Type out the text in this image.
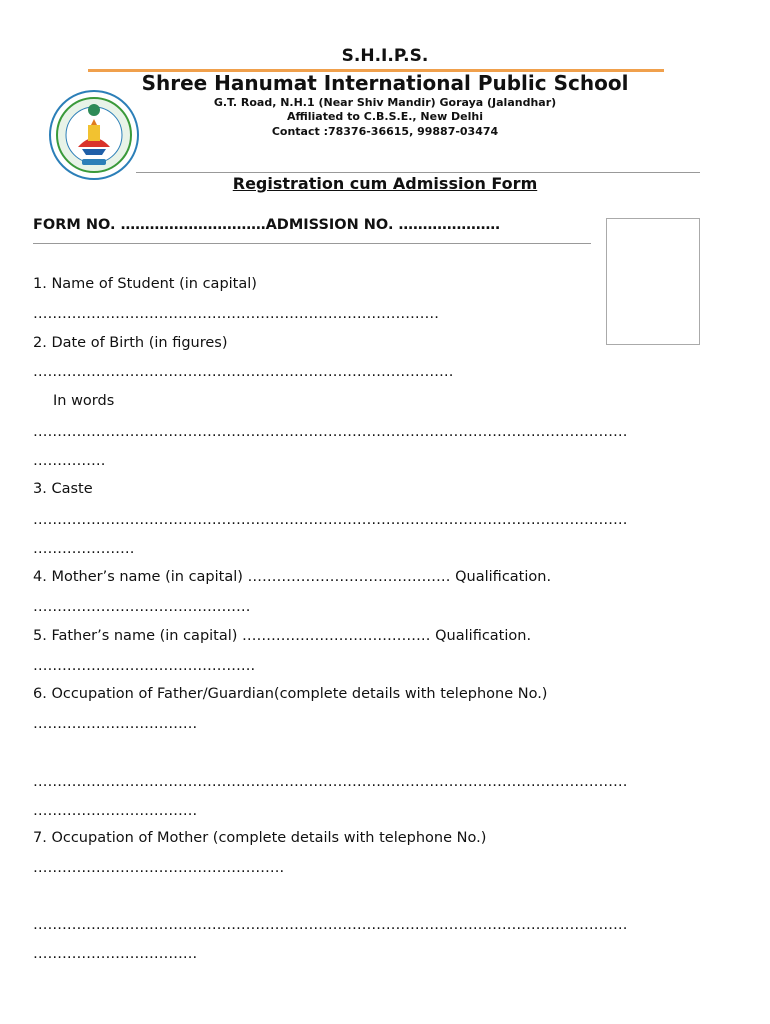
S.H.I.P.S.
Shree Hanumat International Public School
G.T. Road, N.H.1 (Near Shiv Mandir) Goraya (Jalandhar)
Affiliated to C.B.S.E., New Delhi
Contact :78376-36615, 99887-03474
Registration cum Admission Form
FORM NO. …………………………ADMISSION NO. …………………
1. Name of Student (in capital)
…………………………………………………………………………
2. Date of Birth (in figures)
……………………………………………………………………………
In words
……………………………………………………………………………………………………………
……………
3. Caste
……………………………………………………………………………………………………………
…………………
4. Mother’s name (in capital) …………………………………… Qualification.
………………………………………
5. Father’s name (in capital) ………………………………… Qualification.
……………………………………….
6. Occupation of Father/Guardian(complete details with telephone No.)
…………………………….
……………………………………………………………………………………………………………
…………………………….
7. Occupation of Mother (complete details with telephone No.)
…………………………………………….
……………………………………………………………………………………………………………
…………………………….
